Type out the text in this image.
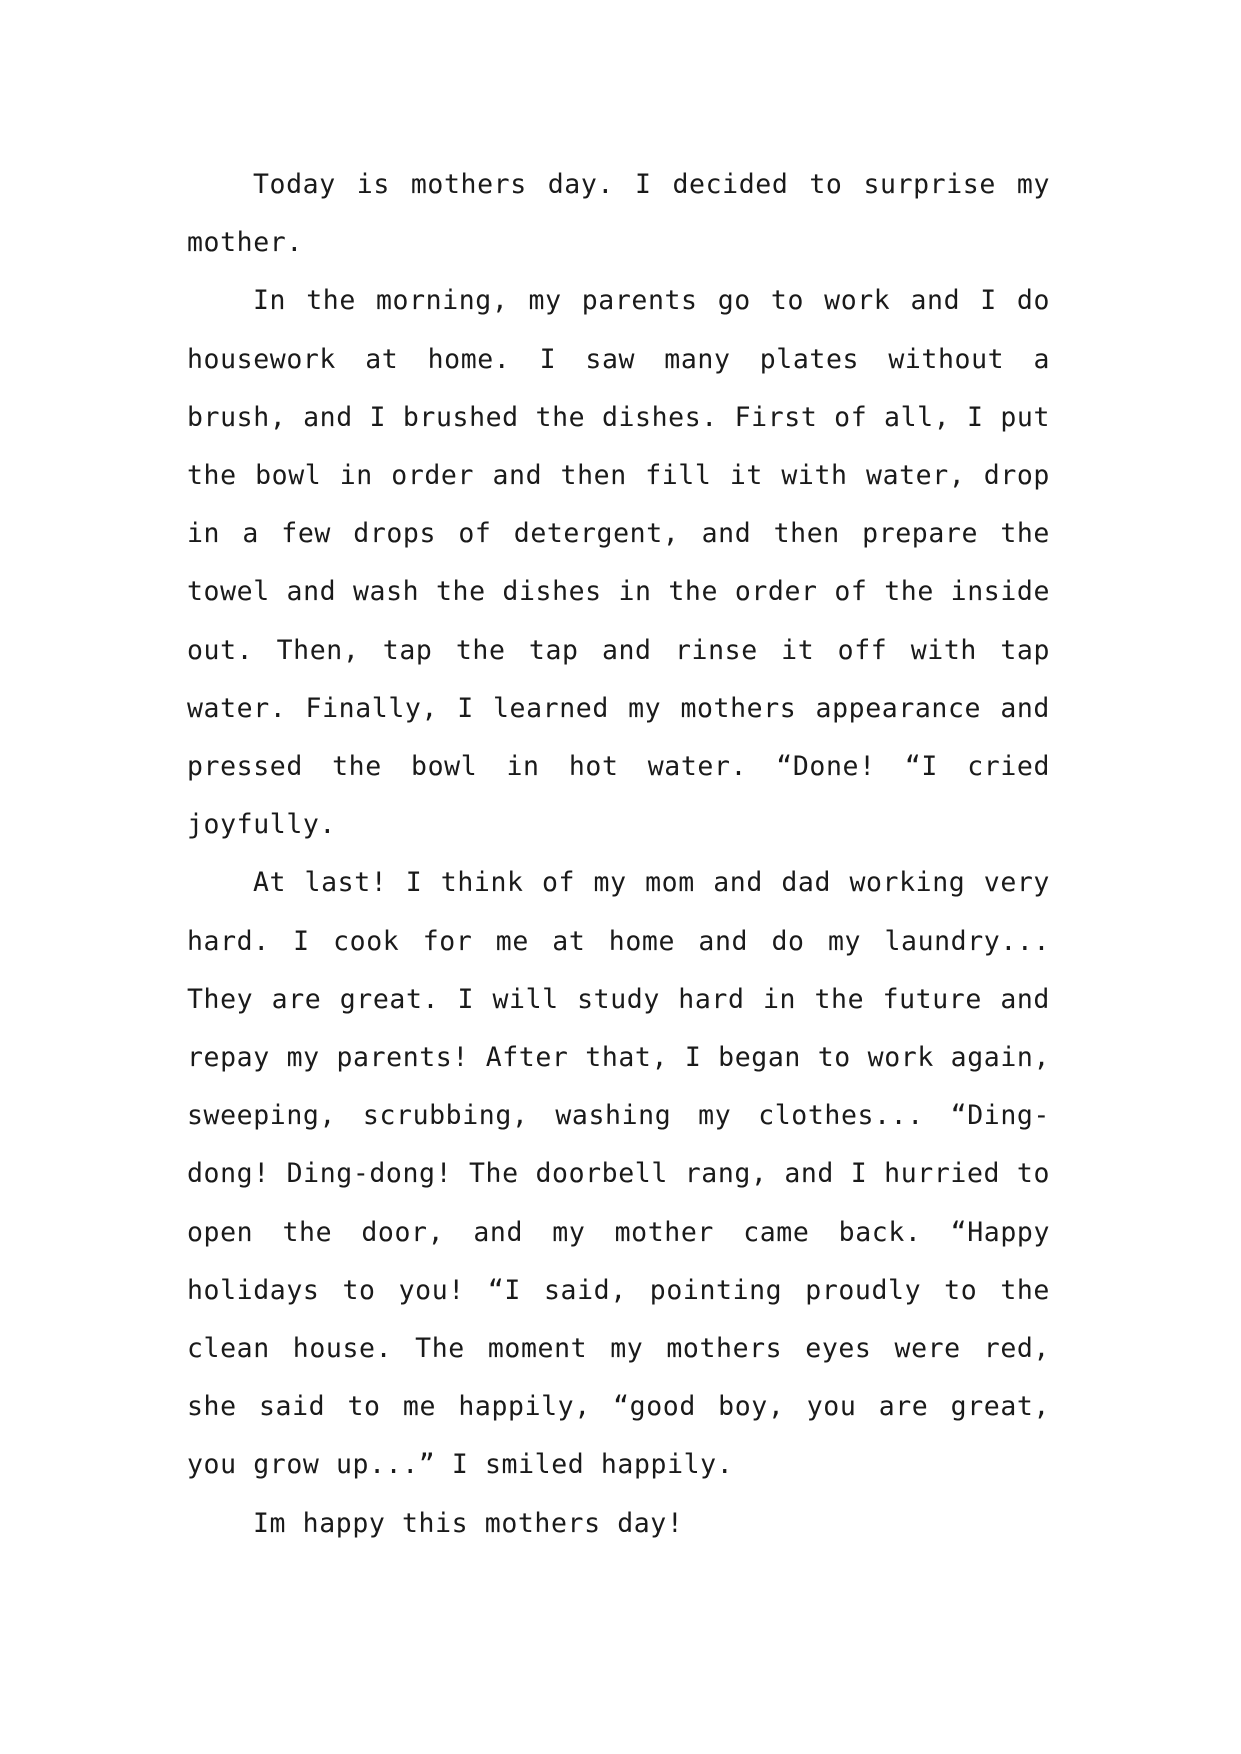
Today is mothers day. I decided to surprise my mother.

In the morning, my parents go to work and I do housework at home. I saw many plates without a brush, and I brushed the dishes. First of all, I put the bowl in order and then fill it with water, drop in a few drops of detergent, and then prepare the towel and wash the dishes in the order of the inside out. Then, tap the tap and rinse it off with tap water. Finally, I learned my mothers appearance and pressed the bowl in hot water. “Done! “I cried joyfully.

At last! I think of my mom and dad working very hard. I cook for me at home and do my laundry... They are great. I will study hard in the future and repay my parents! After that, I began to work again, sweeping, scrubbing, washing my clothes... “Ding-dong! Ding-dong! The doorbell rang, and I hurried to open the door, and my mother came back. “Happy holidays to you! “I said, pointing proudly to the clean house. The moment my mothers eyes were red, she said to me happily, “good boy, you are great, you grow up...” I smiled happily.

Im happy this mothers day!
